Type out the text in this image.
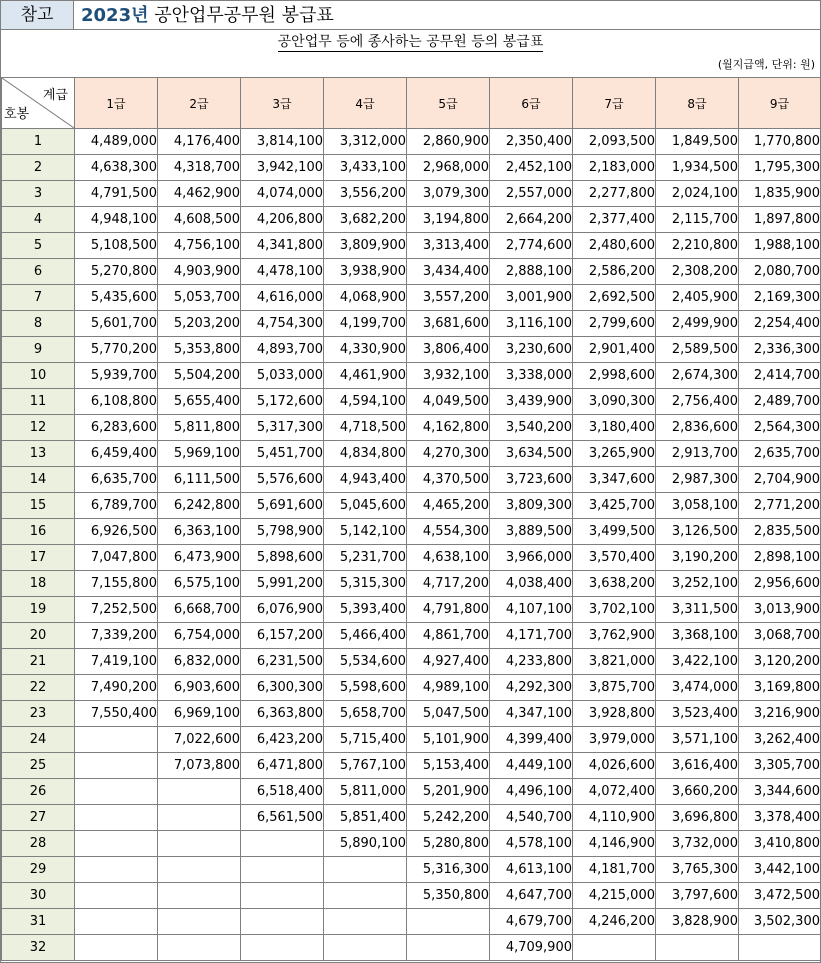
참고	2023년 공안업무공무원 봉급표
공안업무 등에 종사하는 공무원 등의 봉급표
(월지급액, 단위: 원)
계급
호봉	1급	2급	3급	4급	5급	6급	7급	8급	9급
1	4,489,000	4,176,400	3,814,100	3,312,000	2,860,900	2,350,400	2,093,500	1,849,500	1,770,800
2	4,638,300	4,318,700	3,942,100	3,433,100	2,968,000	2,452,100	2,183,000	1,934,500	1,795,300
3	4,791,500	4,462,900	4,074,000	3,556,200	3,079,300	2,557,000	2,277,800	2,024,100	1,835,900
4	4,948,100	4,608,500	4,206,800	3,682,200	3,194,800	2,664,200	2,377,400	2,115,700	1,897,800
5	5,108,500	4,756,100	4,341,800	3,809,900	3,313,400	2,774,600	2,480,600	2,210,800	1,988,100
6	5,270,800	4,903,900	4,478,100	3,938,900	3,434,400	2,888,100	2,586,200	2,308,200	2,080,700
7	5,435,600	5,053,700	4,616,000	4,068,900	3,557,200	3,001,900	2,692,500	2,405,900	2,169,300
8	5,601,700	5,203,200	4,754,300	4,199,700	3,681,600	3,116,100	2,799,600	2,499,900	2,254,400
9	5,770,200	5,353,800	4,893,700	4,330,900	3,806,400	3,230,600	2,901,400	2,589,500	2,336,300
10	5,939,700	5,504,200	5,033,000	4,461,900	3,932,100	3,338,000	2,998,600	2,674,300	2,414,700
11	6,108,800	5,655,400	5,172,600	4,594,100	4,049,500	3,439,900	3,090,300	2,756,400	2,489,700
12	6,283,600	5,811,800	5,317,300	4,718,500	4,162,800	3,540,200	3,180,400	2,836,600	2,564,300
13	6,459,400	5,969,100	5,451,700	4,834,800	4,270,300	3,634,500	3,265,900	2,913,700	2,635,700
14	6,635,700	6,111,500	5,576,600	4,943,400	4,370,500	3,723,600	3,347,600	2,987,300	2,704,900
15	6,789,700	6,242,800	5,691,600	5,045,600	4,465,200	3,809,300	3,425,700	3,058,100	2,771,200
16	6,926,500	6,363,100	5,798,900	5,142,100	4,554,300	3,889,500	3,499,500	3,126,500	2,835,500
17	7,047,800	6,473,900	5,898,600	5,231,700	4,638,100	3,966,000	3,570,400	3,190,200	2,898,100
18	7,155,800	6,575,100	5,991,200	5,315,300	4,717,200	4,038,400	3,638,200	3,252,100	2,956,600
19	7,252,500	6,668,700	6,076,900	5,393,400	4,791,800	4,107,100	3,702,100	3,311,500	3,013,900
20	7,339,200	6,754,000	6,157,200	5,466,400	4,861,700	4,171,700	3,762,900	3,368,100	3,068,700
21	7,419,100	6,832,000	6,231,500	5,534,600	4,927,400	4,233,800	3,821,000	3,422,100	3,120,200
22	7,490,200	6,903,600	6,300,300	5,598,600	4,989,100	4,292,300	3,875,700	3,474,000	3,169,800
23	7,550,400	6,969,100	6,363,800	5,658,700	5,047,500	4,347,100	3,928,800	3,523,400	3,216,900
24		7,022,600	6,423,200	5,715,400	5,101,900	4,399,400	3,979,000	3,571,100	3,262,400
25		7,073,800	6,471,800	5,767,100	5,153,400	4,449,100	4,026,600	3,616,400	3,305,700
26			6,518,400	5,811,000	5,201,900	4,496,100	4,072,400	3,660,200	3,344,600
27			6,561,500	5,851,400	5,242,200	4,540,700	4,110,900	3,696,800	3,378,400
28				5,890,100	5,280,800	4,578,100	4,146,900	3,732,000	3,410,800
29					5,316,300	4,613,100	4,181,700	3,765,300	3,442,100
30					5,350,800	4,647,700	4,215,000	3,797,600	3,472,500
31						4,679,700	4,246,200	3,828,900	3,502,300
32						4,709,900			
